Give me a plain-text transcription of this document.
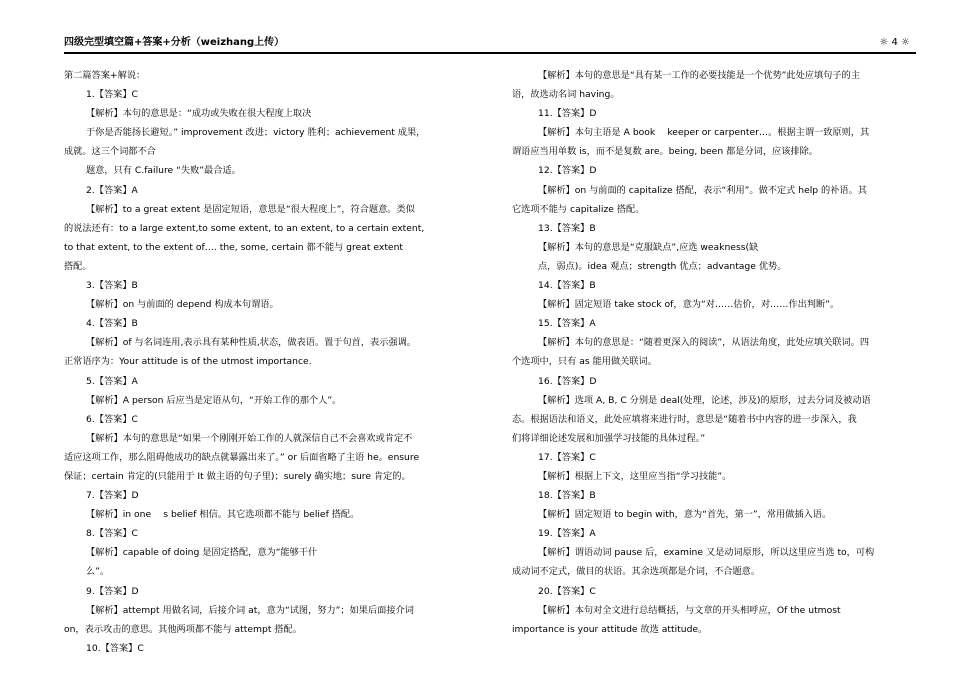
四级完型填空篇+答案+分析（weizhang上传）	☼ 4 ☼
第二篇答案+解说：
1.【答案】C
【解析】本句的意思是：“成功或失败在很大程度上取决
于你是否能扬长避短。” improvement 改进；victory 胜利；achievement 成果，
成就。这三个词都不合
题意，只有 C.failure “失败”最合适。
2.【答案】A
【解析】to a great extent 是固定短语，意思是“很大程度上”，符合题意。类似
的说法还有：to a large extent,to some extent, to an extent, to a certain extent,
to that extent, to the extent of…. the, some, certain 都不能与 great extent
搭配。
3.【答案】B
【解析】on 与前面的 depend 构成本句谓语。
4.【答案】B
【解析】of 与名词连用,表示具有某种性质,状态，做表语。置于句首，表示强调。
正常语序为：Your attitude is of the utmost importance.
5.【答案】A
【解析】A person 后应当是定语从句，“开始工作的那个人”。
6.【答案】C
【解析】本句的意思是“如果一个刚刚开始工作的人就深信自己不会喜欢或肯定不
适应这项工作，那么阻碍他成功的缺点就暴露出来了。” or 后面省略了主语 he。ensure
保证；certain 肯定的(只能用于 It 做主语的句子里)；surely 确实地；sure 肯定的。
7.【答案】D
【解析】in one　 s belief 相信。其它选项都不能与 belief 搭配。
8.【答案】C
【解析】capable of doing 是固定搭配，意为“能够干什
么”。
9.【答案】D
【解析】attempt 用做名词，后接介词 at，意为“试图，努力”；如果后面接介词
on，表示攻击的意思。其他两项都不能与 attempt 搭配。
10.【答案】C
【解析】本句的意思是“具有某一工作的必要技能是一个优势”此处应填句子的主
语，故选动名词 having。
11.【答案】D
【解析】本句主语是 A book　 keeper or carpenter…。根据主谓一致原则，其
谓语应当用单数 is，而不是复数 are。being, been 都是分词，应该排除。
12.【答案】D
【解析】on 与前面的 capitalize 搭配，表示“利用”。做不定式 help 的补语。其
它选项不能与 capitalize 搭配。
13.【答案】B
【解析】本句的意思是“克服缺点”,应选 weakness(缺
点，弱点)。idea 观点；strength 优点；advantage 优势。
14.【答案】B
【解析】固定短语 take stock of，意为“对……估价，对……作出判断”。
15.【答案】A
【解析】本句的意思是：“随着更深入的阅读”，从语法角度，此处应填关联词。四
个选项中，只有 as 能用做关联词。
16.【答案】D
【解析】选项 A, B, C 分别是 deal(处理，论述，涉及)的原形，过去分词及被动语
态。根据语法和语义，此处应填将来进行时，意思是“随着书中内容的进一步深入，我
们将详细论述发展和加强学习技能的具体过程。”
17.【答案】C
【解析】根据上下文，这里应当指“学习技能”。
18.【答案】B
【解析】固定短语 to begin with，意为“首先，第一”，常用做插入语。
19.【答案】A
【解析】谓语动词 pause 后，examine 又是动词原形，所以这里应当选 to，可构
成动词不定式，做目的状语。其余选项都是介词，不合题意。
20.【答案】C
【解析】本句对全文进行总结概括，与文章的开头相呼应，Of the utmost
importance is your attitude 故选 attitude。
